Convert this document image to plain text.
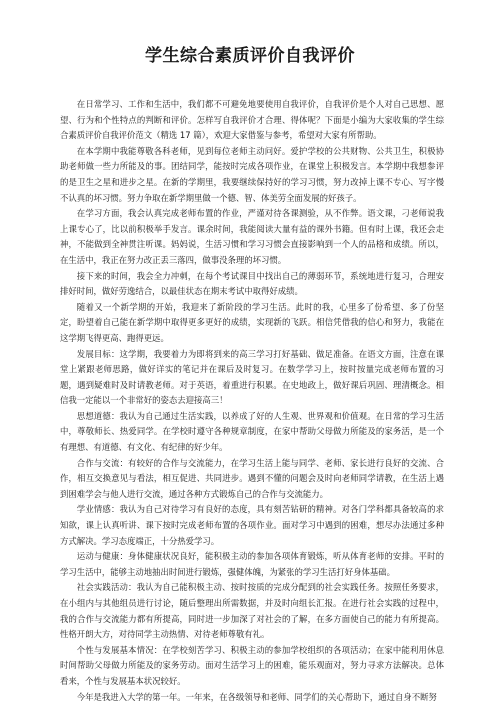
学生综合素质评价自我评价

在日常学习、工作和生活中，我们都不可避免地要使用自我评价，自我评价是个人对自己思想、愿望、行为和个性特点的判断和评价。怎样写自我评价才合理、得体呢？下面是小编为大家收集的学生综合素质评价自我评价范文（精选 17 篇），欢迎大家借鉴与参考，希望对大家有所帮助。

在本学期中我能尊敬各科老师，见到每位老师主动问好。爱护学校的公共财物、公共卫生，积极协助老师做一些力所能及的事。团结同学，能按时完成各项作业，在课堂上积极发言。本学期中我想参评的是卫生之星和进步之星。在新的学期里，我要继续保持好的学习习惯，努力改掉上课不专心、写字慢不认真的坏习惯。努力争取在新学期里做一个德、智、体美劳全面发展的好孩子。

在学习方面，我会认真完成老师布置的作业，严谨对待各课测验，从不作弊。语文课，刁老师说我上课专心了，比以前积极举手发言。课余时间，我能阅读大量有益的课外书籍。但有时上课，我还会走神，不能做到全神贯注听课。妈妈说，生活习惯和学习习惯会直接影响到一个人的品格和成绩。所以，在生活中，我正在努力改正丢三落四，做事没条理的坏习惯。

接下来的时间，我会全力冲刺，在每个考试课目中找出自己的薄弱环节，系统地进行复习，合理安排好时间，做好劳逸结合，以最佳状态在期末考试中取得好成绩。

随着又一个新学期的开始，我迎来了新阶段的学习生活。此时的我，心里多了份希望、多了份坚定，盼望着自己能在新学期中取得更多更好的成绩，实现新的飞跃。相信凭借我的信心和努力，我能在这学期飞得更高、跑得更远。

发展目标：这学期，我要着力为即将到来的高三学习打好基础、做足准备。在语文方面，注意在课堂上紧跟老师思路，做好详实的笔记并在课后及时复习。在数学学习上，按时按量完成老师布置的习题，遇到疑难时及时请教老师。对于英语，着重进行积累。在史地政上，做好课后巩固、理清概念。相信我一定能以一个非常好的姿态去迎接高三！

思想道德：我认为自己通过生活实践，以养成了好的人生观、世界观和价值观。在日常的学习生活中，尊敬师长、热爱同学。在学校时遵守各种规章制度，在家中帮助父母做力所能及的家务活，是一个有理想、有道德、有文化、有纪律的好少年。

合作与交流：有较好的合作与交流能力，在学习生活上能与同学、老师、家长进行良好的交流、合作，相互交换意见与看法，相互促进、共同进步。遇到不懂的问题会及时向老师同学请教，在生活上遇到困难学会与他人进行交流，通过各种方式锻炼自己的合作与交流能力。

学业情感：我认为自己对待学习有良好的态度，具有刻苦钻研的精神。对各门学科都具备较高的求知欲，课上认真听讲、课下按时完成老师布置的各项作业。面对学习中遇到的困难，想尽办法通过多种方式解决。学习态度端正，十分热爱学习。

运动与健康：身体健康状况良好，能积极主动的参加各项体育锻炼，听从体育老师的安排。平时的学习生活中，能够主动地抽出时间进行锻炼，强健体魄，为紧张的学习生活打好身体基础。

社会实践活动：我认为自己能积极主动、按时按质的完成分配到的社会实践任务。按照任务要求，在小组内与其他组员进行讨论，随后整理出所需数据，并及时向组长汇报。在进行社会实践的过程中，我的合作与交流能力都有所提高，同时进一步加深了对社会的了解，在多方面使自己的能力有所提高。性格开朗大方，对待同学主动热情、对待老师尊敬有礼。

个性与发展基本情况：在学校刻苦学习、积极主动的参加学校组织的各项活动；在家中能利用休息时间帮助父母做力所能及的家务劳动。面对生活学习上的困难，能乐观面对，努力寻求方法解决。总体看来，个性与发展基本状况较好。

今年是我进入大学的第一年。一年来，在各级领导和老师、同学们的关心帮助下，通过自身不断努
